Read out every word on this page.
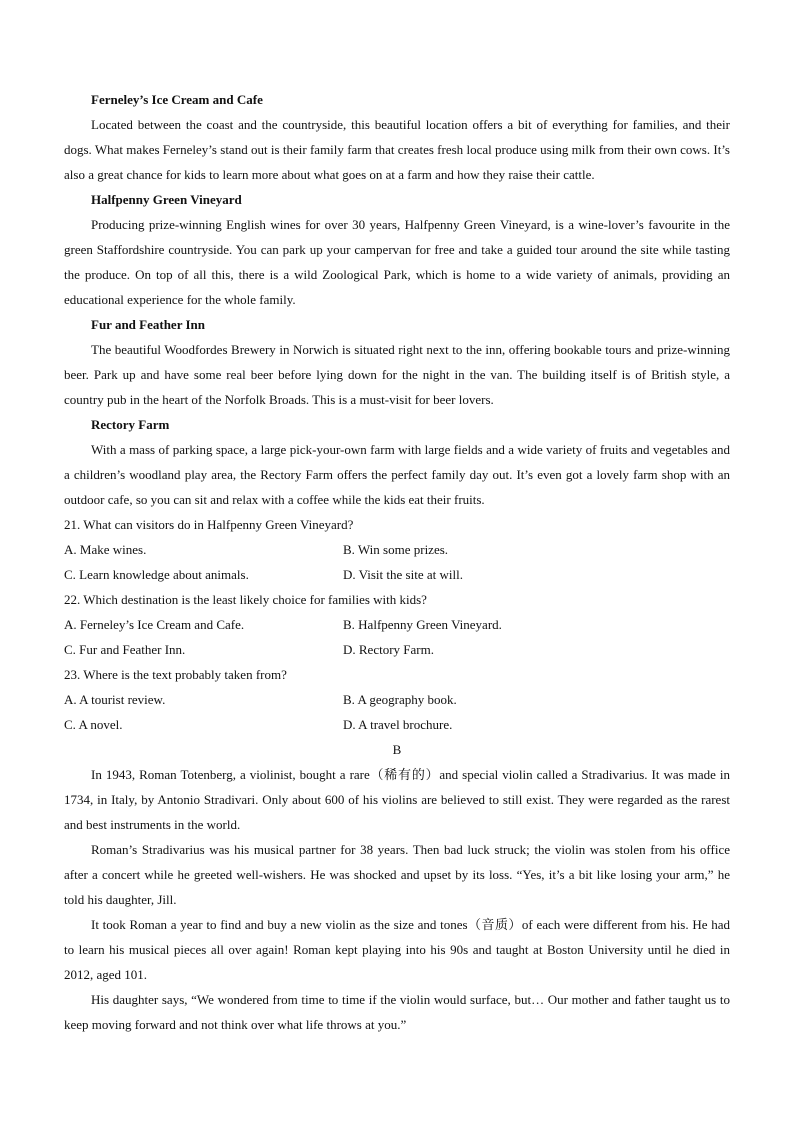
Ferneley’s Ice Cream and Cafe

Located between the coast and the countryside, this beautiful location offers a bit of everything for families, and their dogs. What makes Ferneley’s stand out is their family farm that creates fresh local produce using milk from their own cows. It’s also a great chance for kids to learn more about what goes on at a farm and how they raise their cattle.

Halfpenny Green Vineyard

Producing prize-winning English wines for over 30 years, Halfpenny Green Vineyard, is a wine-lover’s favourite in the green Staffordshire countryside. You can park up your campervan for free and take a guided tour around the site while tasting the produce. On top of all this, there is a wild Zoological Park, which is home to a wide variety of animals, providing an educational experience for the whole family.

Fur and Feather Inn

The beautiful Woodfordes Brewery in Norwich is situated right next to the inn, offering bookable tours and prize-winning beer. Park up and have some real beer before lying down for the night in the van. The building itself is of British style, a country pub in the heart of the Norfolk Broads. This is a must-visit for beer lovers.

Rectory Farm

With a mass of parking space, a large pick-your-own farm with large fields and a wide variety of fruits and vegetables and a children’s woodland play area, the Rectory Farm offers the perfect family day out. It’s even got a lovely farm shop with an outdoor cafe, so you can sit and relax with a coffee while the kids eat their fruits.

21. What can visitors do in Halfpenny Green Vineyard?
A. Make wines.	B. Win some prizes.
C. Learn knowledge about animals.	D. Visit the site at will.
22. Which destination is the least likely choice for families with kids?
A. Ferneley’s Ice Cream and Cafe.	B. Halfpenny Green Vineyard.
C. Fur and Feather Inn.	D. Rectory Farm.
23. Where is the text probably taken from?
A. A tourist review.	B. A geography book.
C. A novel.	D. A travel brochure.
B

In 1943, Roman Totenberg, a violinist, bought a rare（稀有的）and special violin called a Stradivarius. It was made in 1734, in Italy, by Antonio Stradivari. Only about 600 of his violins are believed to still exist. They were regarded as the rarest and best instruments in the world.

Roman’s Stradivarius was his musical partner for 38 years. Then bad luck struck; the violin was stolen from his office after a concert while he greeted well-wishers. He was shocked and upset by its loss. “Yes, it’s a bit like losing your arm,” he told his daughter, Jill.

It took Roman a year to find and buy a new violin as the size and tones（音质）of each were different from his. He had to learn his musical pieces all over again! Roman kept playing into his 90s and taught at Boston University until he died in 2012, aged 101.

His daughter says, “We wondered from time to time if the violin would surface, but… Our mother and father taught us to keep moving forward and not think over what life throws at you.”
